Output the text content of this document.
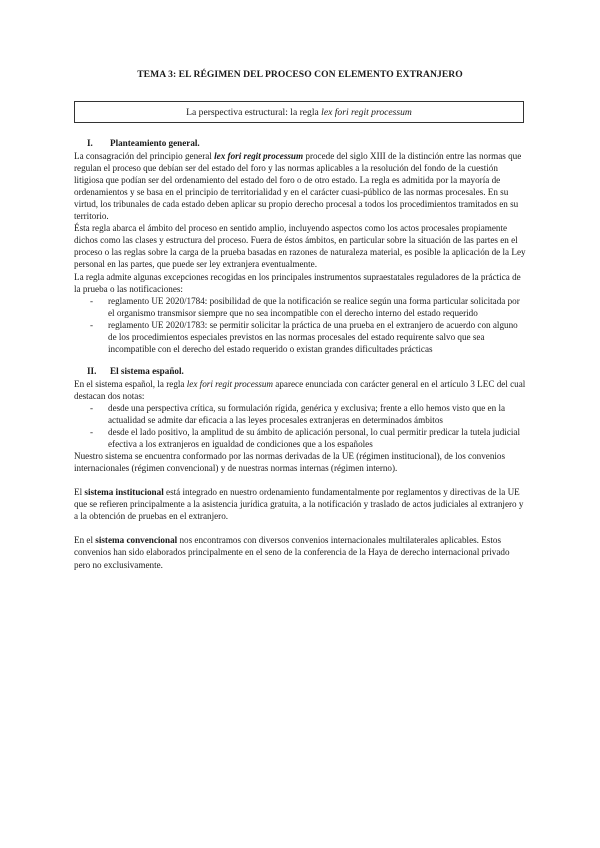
TEMA 3: EL RÉGIMEN DEL PROCESO CON ELEMENTO EXTRANJERO
La perspectiva estructural: la regla lex fori regit processum
I.	Planteamiento general.

La consagración del principio general lex fori regit processum procede del siglo XIII de la distinción entre las normas que regulan el proceso que debían ser del estado del foro y las normas aplicables a la resolución del fondo de la cuestión litigiosa que podían ser del ordenamiento del estado del foro o de otro estado. La regla es admitida por la mayoría de ordenamientos y se basa en el principio de territorialidad y en el carácter cuasi-público de las normas procesales. En su virtud, los tribunales de cada estado deben aplicar su propio derecho procesal a todos los procedimientos tramitados en su territorio.

Ésta regla abarca el ámbito del proceso en sentido amplio, incluyendo aspectos como los actos procesales propiamente dichos como las clases y estructura del proceso. Fuera de éstos ámbitos, en particular sobre la situación de las partes en el proceso o las reglas sobre la carga de la prueba basadas en razones de naturaleza material, es posible la aplicación de la Ley personal en las partes, que puede ser ley extranjera eventualmente.

La regla admite algunas excepciones recogidas en los principales instrumentos supraestatales reguladores de la práctica de la prueba o las notificaciones:

- reglamento UE 2020/1784: posibilidad de que la notificación se realice según una forma particular solicitada por el organismo transmisor siempre que no sea incompatible con el derecho interno del estado requerido
- reglamento UE 2020/1783: se permitir solicitar la práctica de una prueba en el extranjero de acuerdo con alguno de los procedimientos especiales previstos en las normas procesales del estado requirente salvo que sea incompatible con el derecho del estado requerido o existan grandes dificultades prácticas
II.	El sistema español.

En el sistema español, la regla lex fori regit processum aparece enunciada con carácter general en el artículo 3 LEC del cual destacan dos notas:

- desde una perspectiva crítica, su formulación rígida, genérica y exclusiva; frente a ello hemos visto que en la actualidad se admite dar eficacia a las leyes procesales extranjeras en determinados ámbitos
- desde el lado positivo, la amplitud de su ámbito de aplicación personal, lo cual permitir predicar la tutela judicial efectiva a los extranjeros en igualdad de condiciones que a los españoles

Nuestro sistema se encuentra conformado por las normas derivadas de la UE (régimen institucional), de los convenios internacionales (régimen convencional) y de nuestras normas internas (régimen interno).

El sistema institucional está integrado en nuestro ordenamiento fundamentalmente por reglamentos y directivas de la UE que se refieren principalmente a la asistencia jurídica gratuita, a la notificación y traslado de actos judiciales al extranjero y a la obtención de pruebas en el extranjero.

En el sistema convencional nos encontramos con diversos convenios internacionales multilaterales aplicables. Estos convenios han sido elaborados principalmente en el seno de la conferencia de la Haya de derecho internacional privado pero no exclusivamente.
